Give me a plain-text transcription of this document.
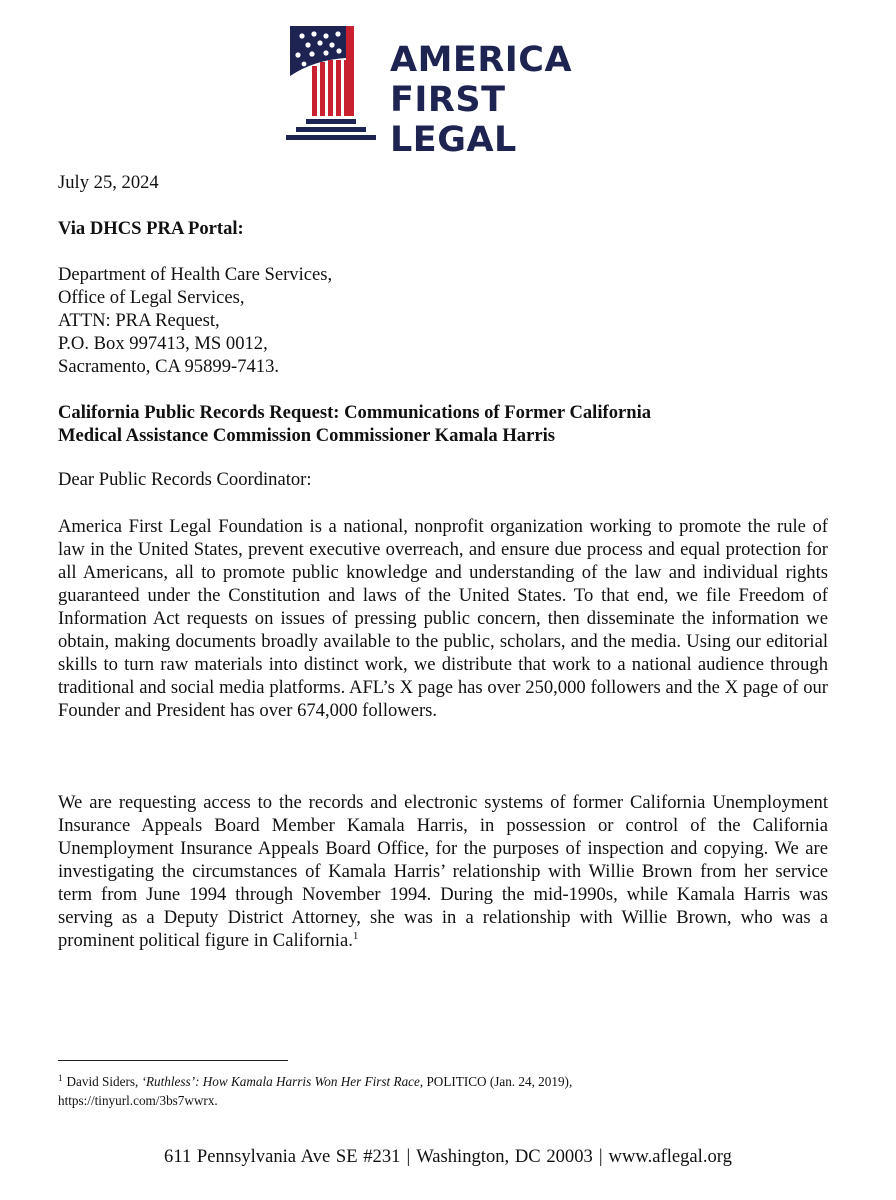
AMERICA
FIRST
LEGAL
July 25, 2024
Via DHCS PRA Portal:
Department of Health Care Services,
Office of Legal Services,
ATTN: PRA Request,
P.O. Box 997413, MS 0012,
Sacramento, CA 95899-7413.
California Public Records Request: Communications of Former California
Medical Assistance Commission Commissioner Kamala Harris
Dear Public Records Coordinator:
America First Legal Foundation is a national, nonprofit organization working to promote the rule of law in the United States, prevent executive overreach, and ensure due process and equal protection for all Americans, all to promote public knowledge and understanding of the law and individual rights guaranteed under the Constitution and laws of the United States. To that end, we file Freedom of Information Act requests on issues of pressing public concern, then disseminate the information we obtain, making documents broadly available to the public, scholars, and the media. Using our editorial skills to turn raw materials into distinct work, we distribute that work to a national audience through traditional and social media platforms. AFL’s X page has over 250,000 followers and the X page of our Founder and President has over 674,000 followers.
We are requesting access to the records and electronic systems of former California Unemployment Insurance Appeals Board Member Kamala Harris, in possession or control of the California Unemployment Insurance Appeals Board Office, for the purposes of inspection and copying. We are investigating the circumstances of Kamala Harris’ relationship with Willie Brown from her service term from June 1994 through November 1994. During the mid-1990s, while Kamala Harris was serving as a Deputy District Attorney, she was in a relationship with Willie Brown, who was a prominent political figure in California.$^1$
$^1$ David Siders, ‘Ruthless’: How Kamala Harris Won Her First Race, POLITICO (Jan. 24, 2019),
https://tinyurl.com/3bs7wwrx.
611 Pennsylvania Ave SE #231 | Washington, DC 20003 | www.aflegal.org
